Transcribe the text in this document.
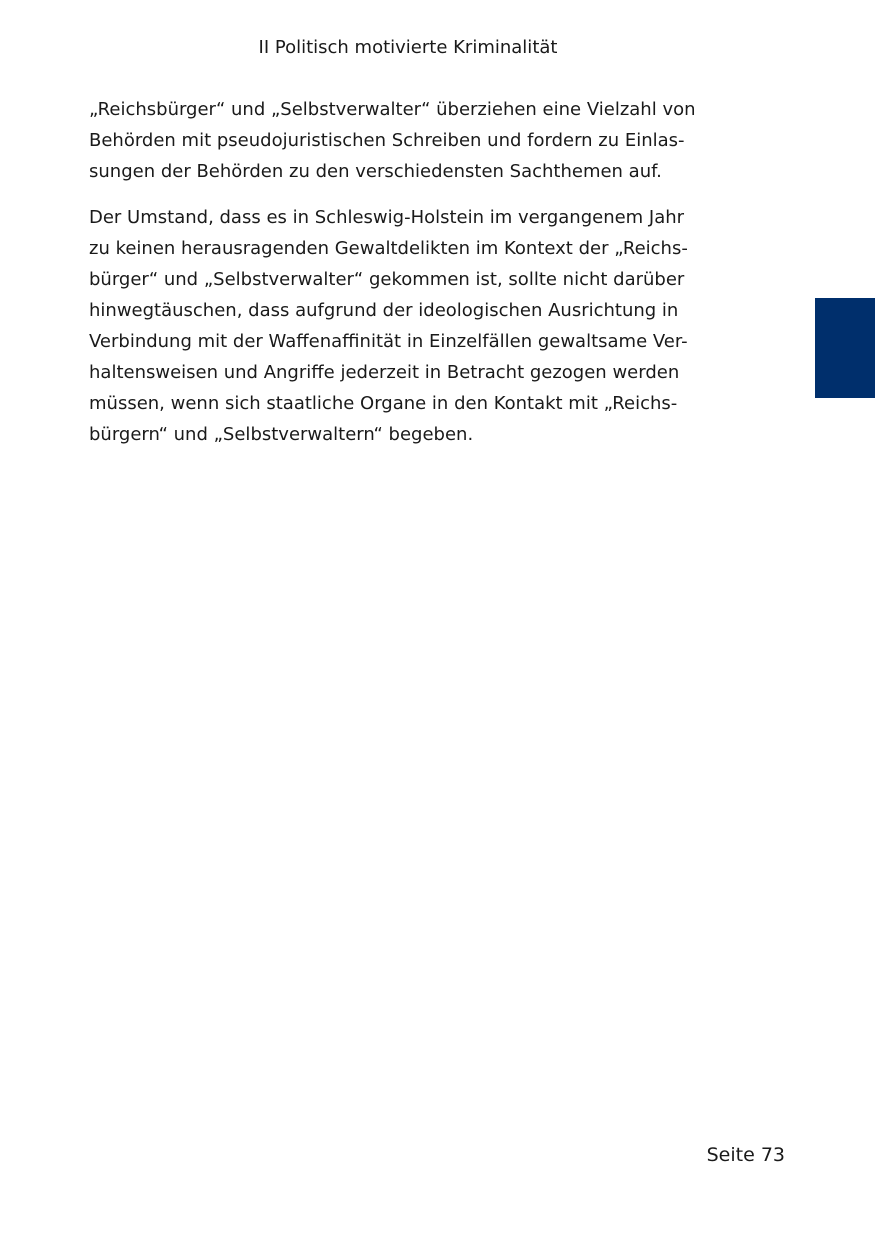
II Politisch motivierte Kriminalität

„Reichsbürger“ und „Selbstverwalter“ überziehen eine Vielzahl von
Behörden mit pseudojuristischen Schreiben und fordern zu Einlas-
sungen der Behörden zu den verschiedensten Sachthemen auf.

Der Umstand, dass es in Schleswig-Holstein im vergangenem Jahr
zu keinen herausragenden Gewaltdelikten im Kontext der „Reichs-
bürger“ und „Selbstverwalter“ gekommen ist, sollte nicht darüber
hinwegtäuschen, dass aufgrund der ideologischen Ausrichtung in
Verbindung mit der Waffenaffinität in Einzelfällen gewaltsame Ver-
haltensweisen und Angriffe jederzeit in Betracht gezogen werden
müssen, wenn sich staatliche Organe in den Kontakt mit „Reichs-
bürgern“ und „Selbstverwaltern“ begeben.

Seite 73
